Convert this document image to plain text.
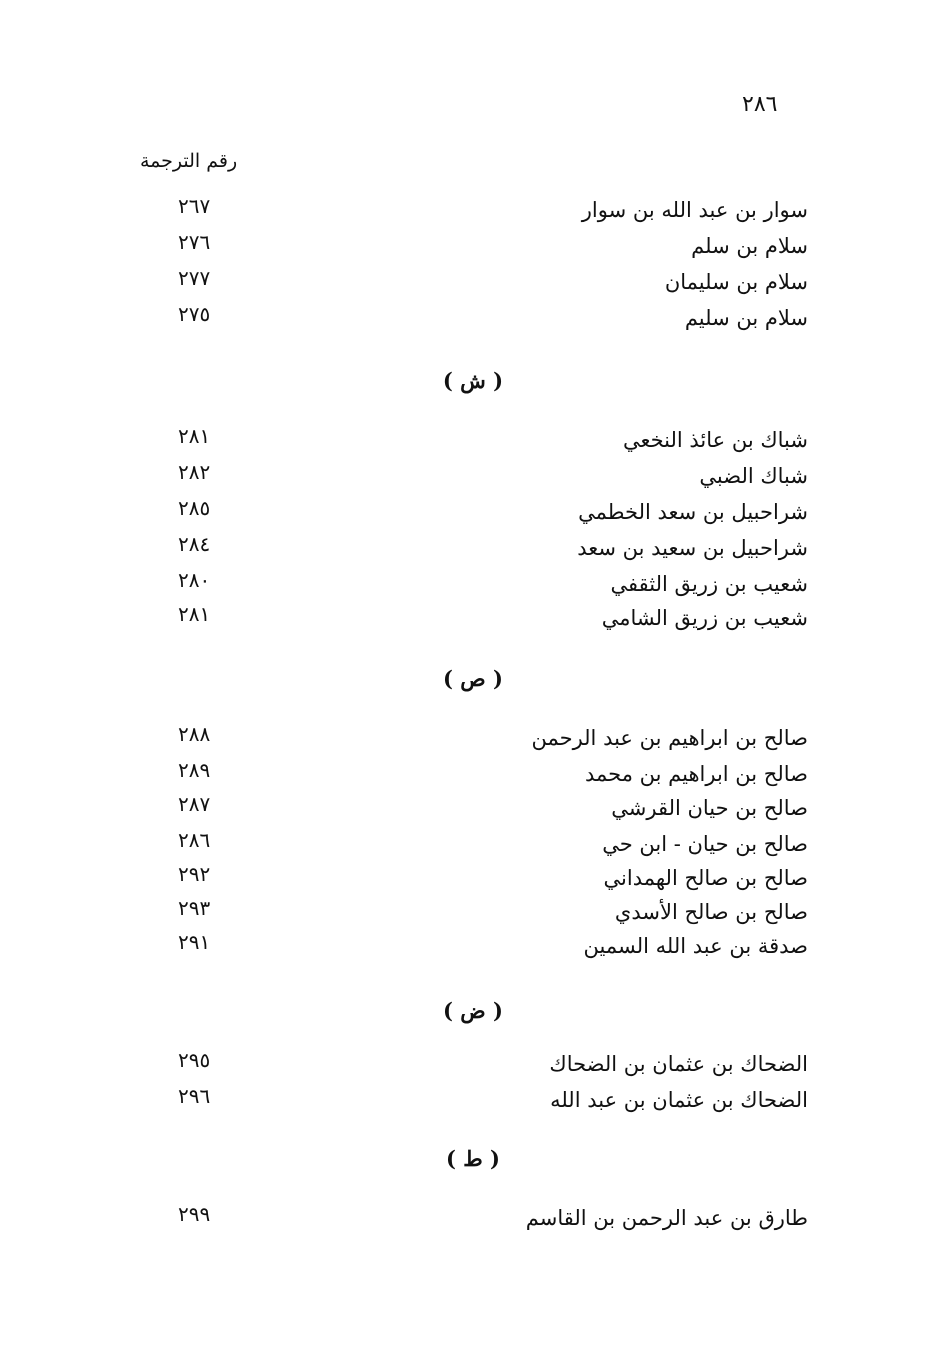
٢٨٦
رقم الترجمة
سوار بن عبد الله بن سوار
٢٦٧
سلام بن سلم
٢٧٦
سلام بن سليمان
٢٧٧
سلام بن سليم
٢٧٥
( ش )
شباك بن عائذ النخعي
٢٨١
شباك الضبي
٢٨٢
شراحبيل بن سعد الخطمي
٢٨٥
شراحبيل بن سعيد بن سعد
٢٨٤
شعيب بن زريق الثقفي
٢٨٠
شعيب بن زريق الشامي
٢٨١
( ص )
صالح بن ابراهيم بن عبد الرحمن
٢٨٨
صالح بن ابراهيم بن محمد
٢٨٩
صالح بن حيان القرشي
٢٨٧
صالح بن حيان - ابن حي
٢٨٦
صالح بن صالح الهمداني
٢٩٢
صالح بن صالح الأسدي
٢٩٣
صدقة بن عبد الله السمين
٢٩١
( ض )
الضحاك بن عثمان بن الضحاك
٢٩٥
الضحاك بن عثمان بن عبد الله
٢٩٦
( ط )
طارق بن عبد الرحمن بن القاسم
٢٩٩
